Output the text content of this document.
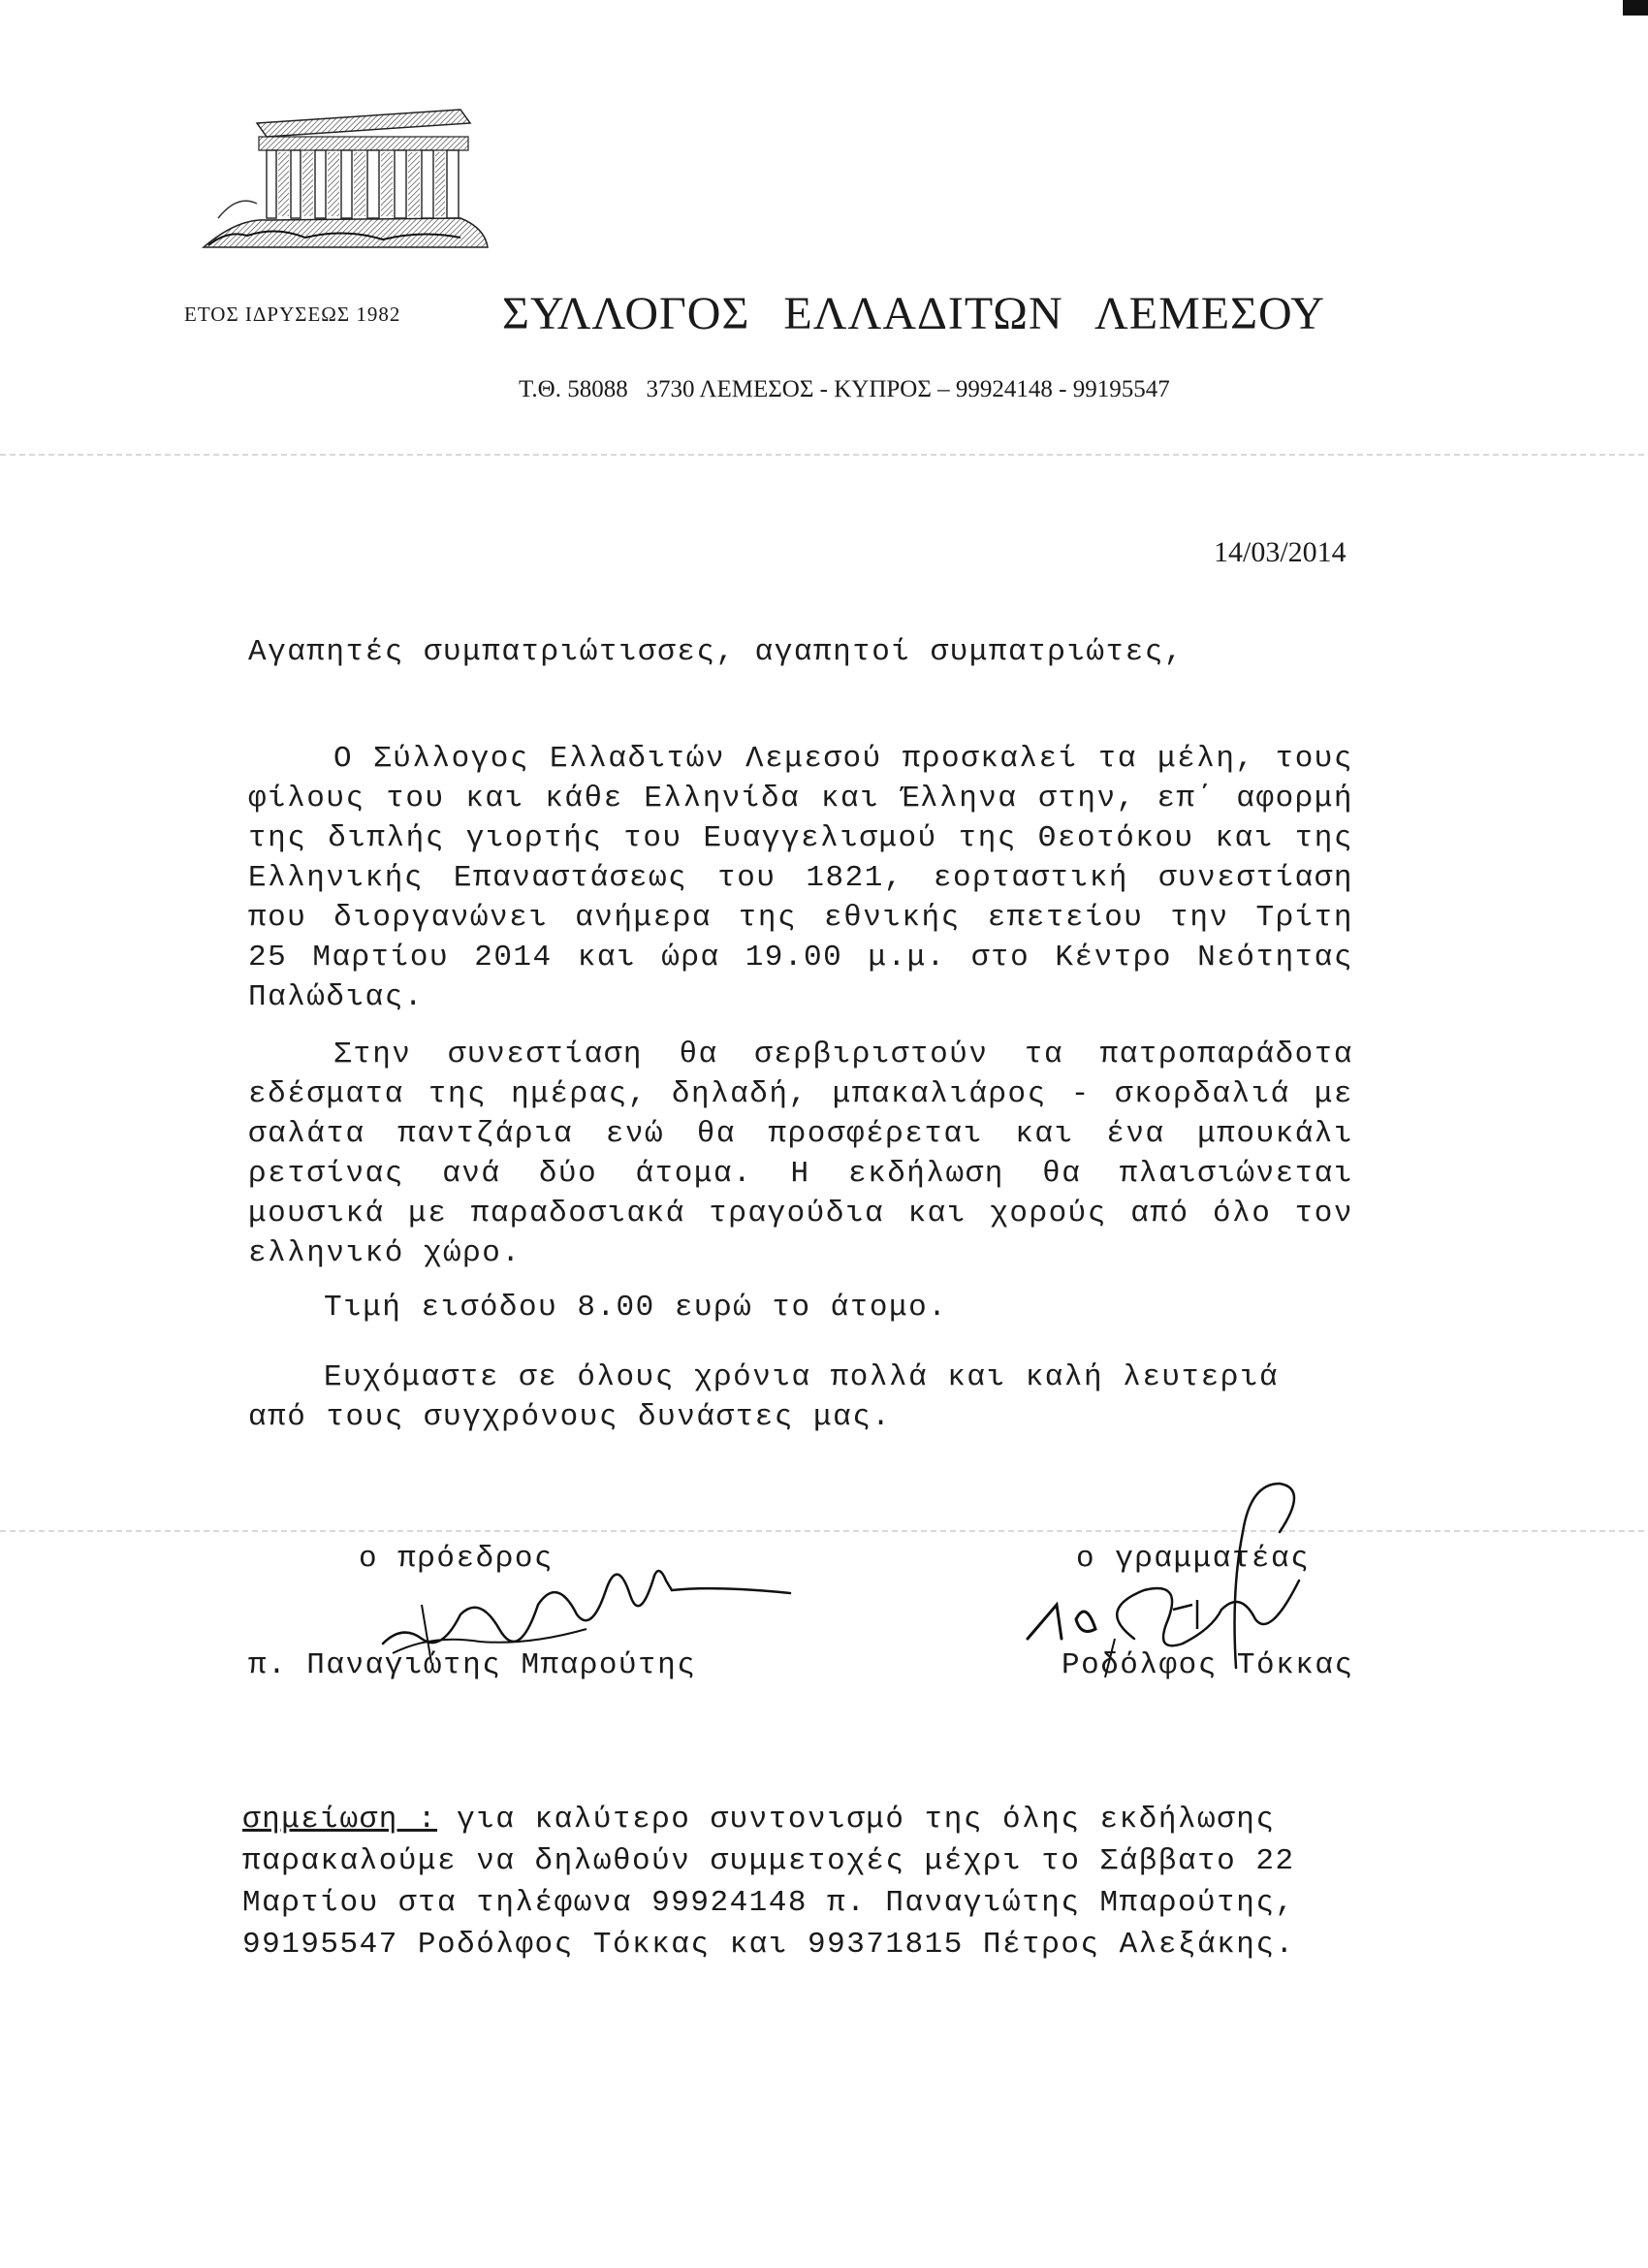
ΕΤΟΣ ΙΔΡΥΣΕΩΣ 1982 ΣΥΛΛΟΓΟΣ ΕΛΛΑΔΙΤΩΝ ΛΕΜΕΣΟΥ
Τ.Θ. 58088   3730 ΛΕΜΕΣΟΣ - ΚΥΠΡΟΣ – 99924148 - 99195547
14/03/2014
Αγαπητές συμπατριώτισσες, αγαπητοί συμπατριώτες,

Ο Σύλλογος Ελλαδιτών Λεμεσού προσκαλεί τα μέλη, τους φίλους του και κάθε Ελληνίδα και Έλληνα στην, επ΄ αφορμή της διπλής γιορτής του Ευαγγελισμού της Θεοτόκου και της Ελληνικής Επαναστάσεως του 1821, εορταστική συνεστίαση που διοργανώνει ανήμερα της εθνικής επετείου την Τρίτη 25 Μαρτίου 2014 και ώρα 19.00 μ.μ. στο Κέντρο Νεότητας Παλώδιας.

Στην συνεστίαση θα σερβιριστούν τα πατροπαράδοτα εδέσματα της ημέρας, δηλαδή, μπακαλιάρος - σκορδαλιά με σαλάτα παντζάρια ενώ θα προσφέρεται και ένα μπουκάλι ρετσίνας ανά δύο άτομα. Η εκδήλωση θα πλαισιώνεται μουσικά με παραδοσιακά τραγούδια και χορούς από όλο τον ελληνικό χώρο.

Τιμή εισόδου 8.00 ευρώ το άτομο.

Ευχόμαστε σε όλους χρόνια πολλά και καλή λευτεριά από τους συγχρόνους δυνάστες μας.

ο πρόεδρος	ο γραμματέας
π. Παναγιώτης Μπαρούτης	Ροδόλφος Τόκκας
σημείωση : για καλύτερο συντονισμό της όλης εκδήλωσης παρακαλούμε να δηλωθούν συμμετοχές μέχρι το Σάββατο 22 Μαρτίου στα τηλέφωνα 99924148 π. Παναγιώτης Μπαρούτης, 99195547 Ροδόλφος Τόκκας και 99371815 Πέτρος Αλεξάκης.
